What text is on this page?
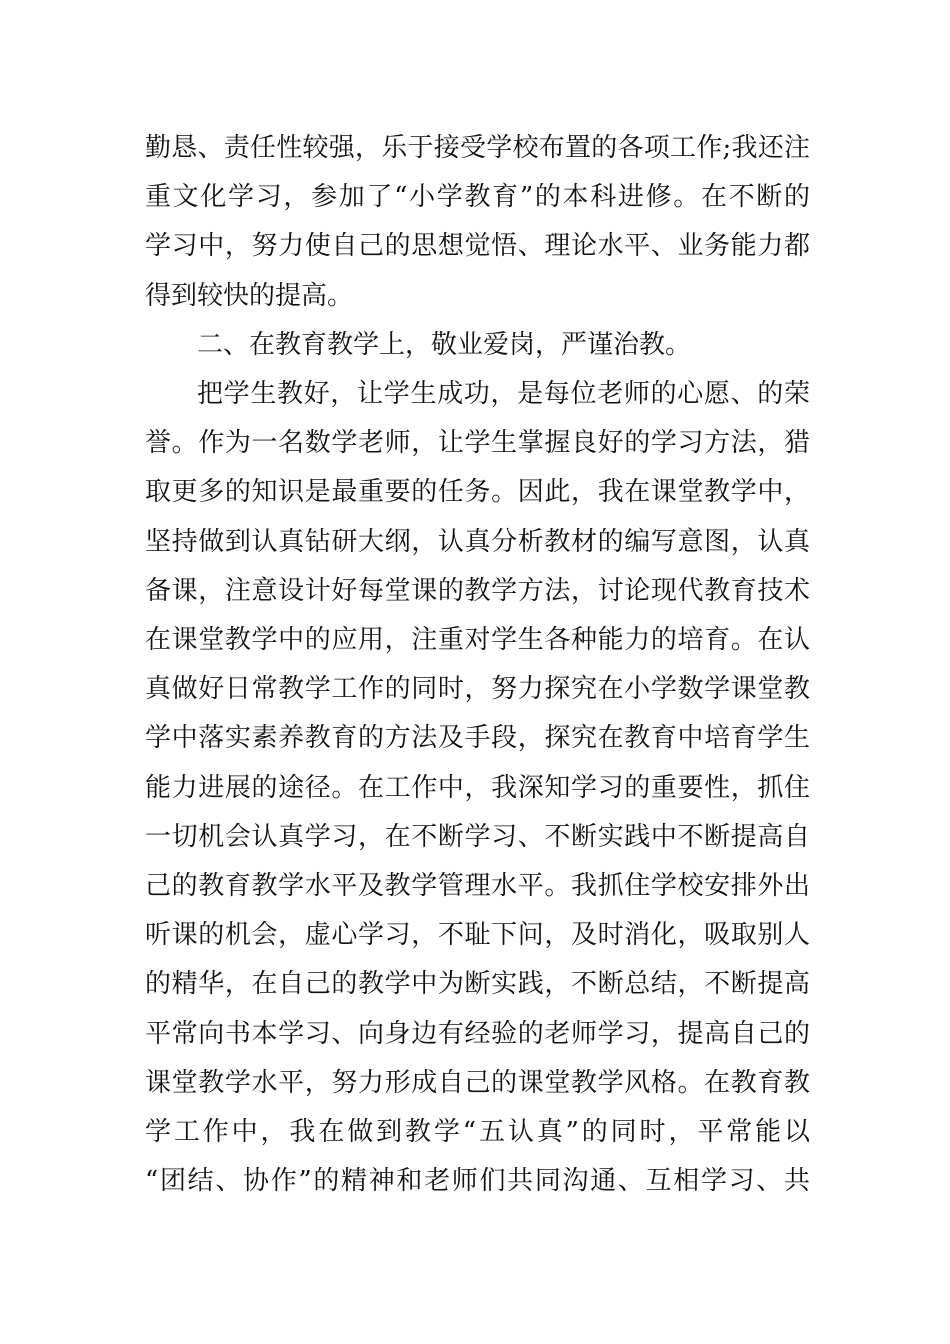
勤恳、责任性较强，乐于接受学校布置的各项工作;我还注
重文化学习，参加了“小学教育”的本科进修。在不断的
学习中，努力使自己的思想觉悟、理论水平、业务能力都
得到较快的提高。
二、在教育教学上，敬业爱岗，严谨治教。
把学生教好，让学生成功，是每位老师的心愿、的荣
誉。作为一名数学老师，让学生掌握良好的学习方法，猎
取更多的知识是最重要的任务。因此，我在课堂教学中，
坚持做到认真钻研大纲，认真分析教材的编写意图，认真
备课，注意设计好每堂课的教学方法，讨论现代教育技术
在课堂教学中的应用，注重对学生各种能力的培育。在认
真做好日常教学工作的同时，努力探究在小学数学课堂教
学中落实素养教育的方法及手段，探究在教育中培育学生
能力进展的途径。在工作中，我深知学习的重要性，抓住
一切机会认真学习，在不断学习、不断实践中不断提高自
己的教育教学水平及教学管理水平。我抓住学校安排外出
听课的机会，虚心学习，不耻下问，及时消化，吸取别人
的精华，在自己的教学中为断实践，不断总结，不断提高
平常向书本学习、向身边有经验的老师学习，提高自己的
课堂教学水平，努力形成自己的课堂教学风格。在教育教
学工作中，我在做到教学“五认真”的同时，平常能以
“团结、协作”的精神和老师们共同沟通、互相学习、共
